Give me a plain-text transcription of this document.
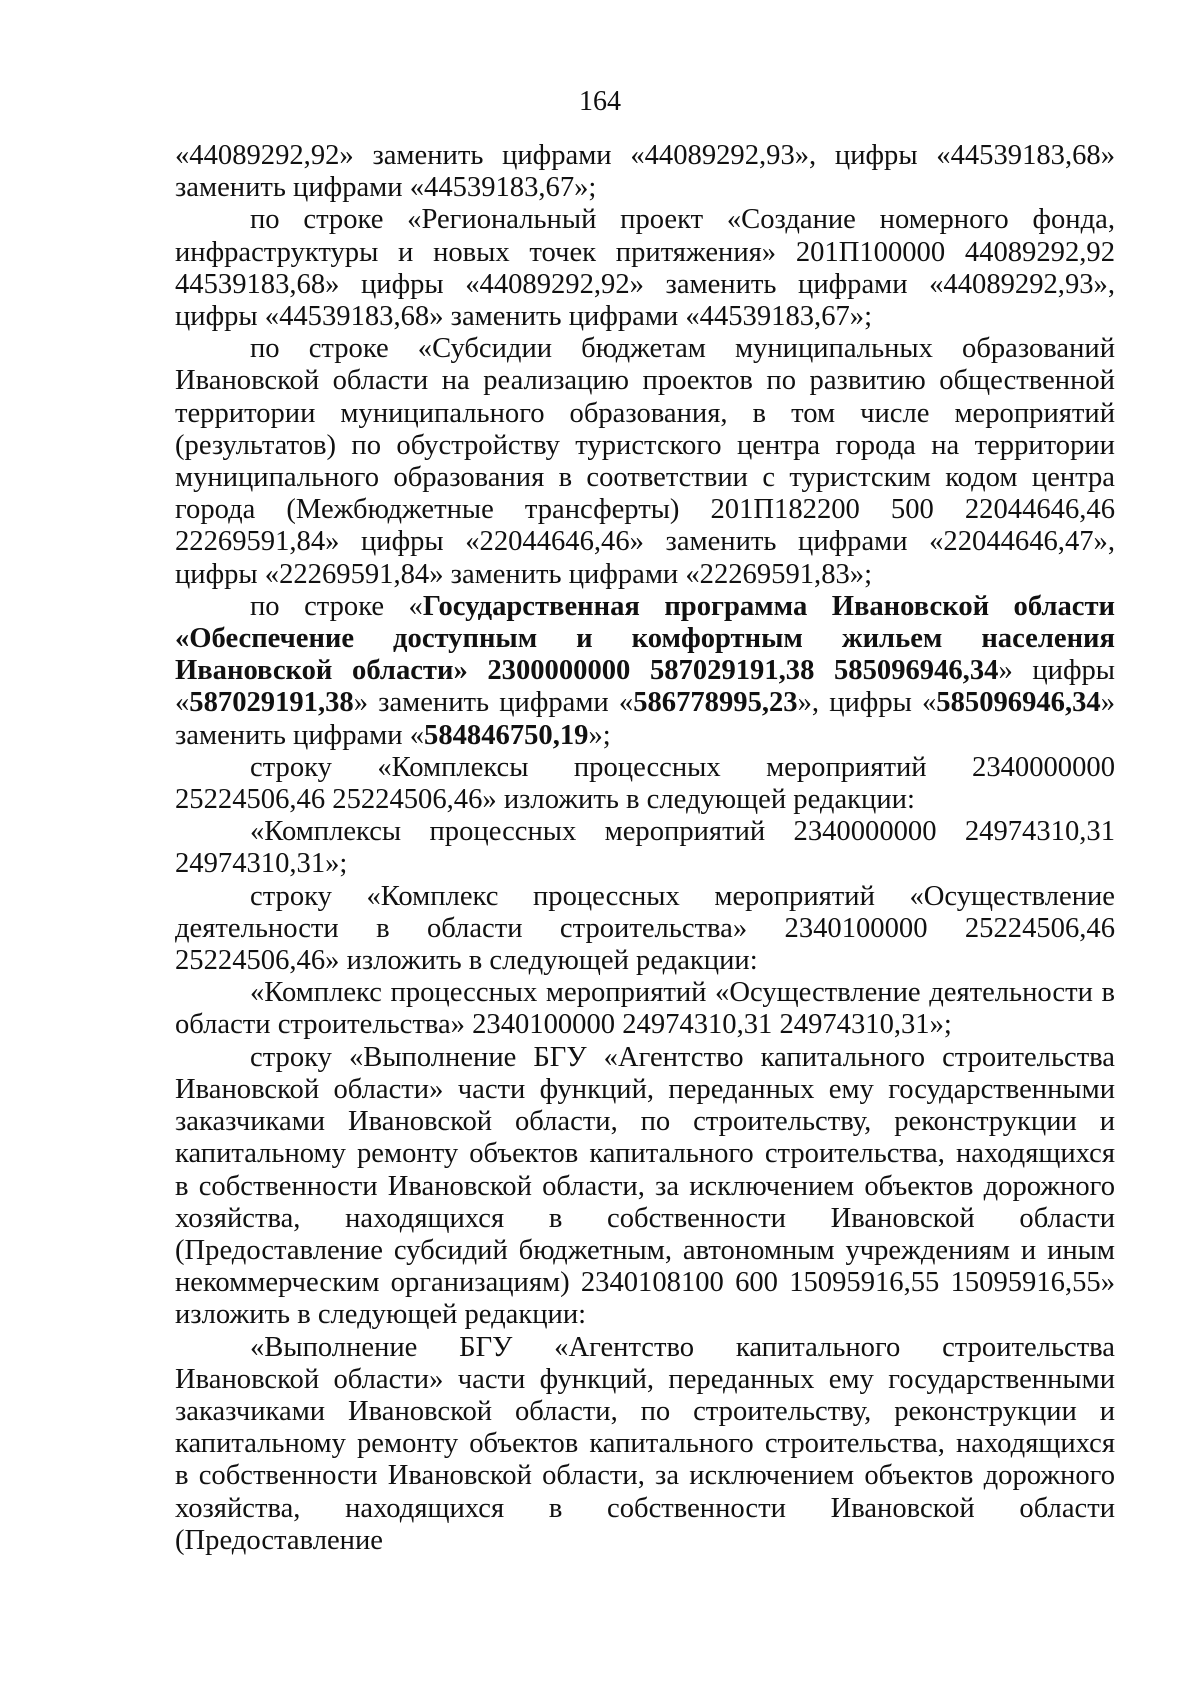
164

«44089292,92» заменить цифрами «44089292,93», цифры «44539183,68» заменить цифрами «44539183,67»;

по строке «Региональный проект «Создание номерного фонда, инфраструктуры и новых точек притяжения» 201П100000 44089292,92 44539183,68» цифры «44089292,92» заменить цифрами «44089292,93», цифры «44539183,68» заменить цифрами «44539183,67»;

по строке «Субсидии бюджетам муниципальных образований Ивановской области на реализацию проектов по развитию общественной территории муниципального образования, в том числе мероприятий (результатов) по обустройству туристского центра города на территории муниципального образования в соответствии с туристским кодом центра города (Межбюджетные трансферты) 201П182200 500 22044646,46 22269591,84» цифры «22044646,46» заменить цифрами «22044646,47», цифры «22269591,84» заменить цифрами «22269591,83»;

по строке «Государственная программа Ивановской области «Обеспечение доступным и комфортным жильем населения Ивановской области» 2300000000 587029191,38 585096946,34» цифры «587029191,38» заменить цифрами «586778995,23», цифры «585096946,34» заменить цифрами «584846750,19»;

строку «Комплексы процессных мероприятий 2340000000 25224506,46 25224506,46» изложить в следующей редакции:

«Комплексы процессных мероприятий 2340000000 24974310,31 24974310,31»;

строку «Комплекс процессных мероприятий «Осуществление деятельности в области строительства» 2340100000 25224506,46 25224506,46» изложить в следующей редакции:

«Комплекс процессных мероприятий «Осуществление деятельности в области строительства» 2340100000 24974310,31 24974310,31»;

строку «Выполнение БГУ «Агентство капитального строительства Ивановской области» части функций, переданных ему государственными заказчиками Ивановской области, по строительству, реконструкции и капитальному ремонту объектов капитального строительства, находящихся в собственности Ивановской области, за исключением объектов дорожного хозяйства, находящихся в собственности Ивановской области (Предоставление субсидий бюджетным, автономным учреждениям и иным некоммерческим организациям) 2340108100 600 15095916,55 15095916,55» изложить в следующей редакции:

«Выполнение БГУ «Агентство капитального строительства Ивановской области» части функций, переданных ему государственными заказчиками Ивановской области, по строительству, реконструкции и капитальному ремонту объектов капитального строительства, находящихся в собственности Ивановской области, за исключением объектов дорожного хозяйства, находящихся в собственности Ивановской области (Предоставление
